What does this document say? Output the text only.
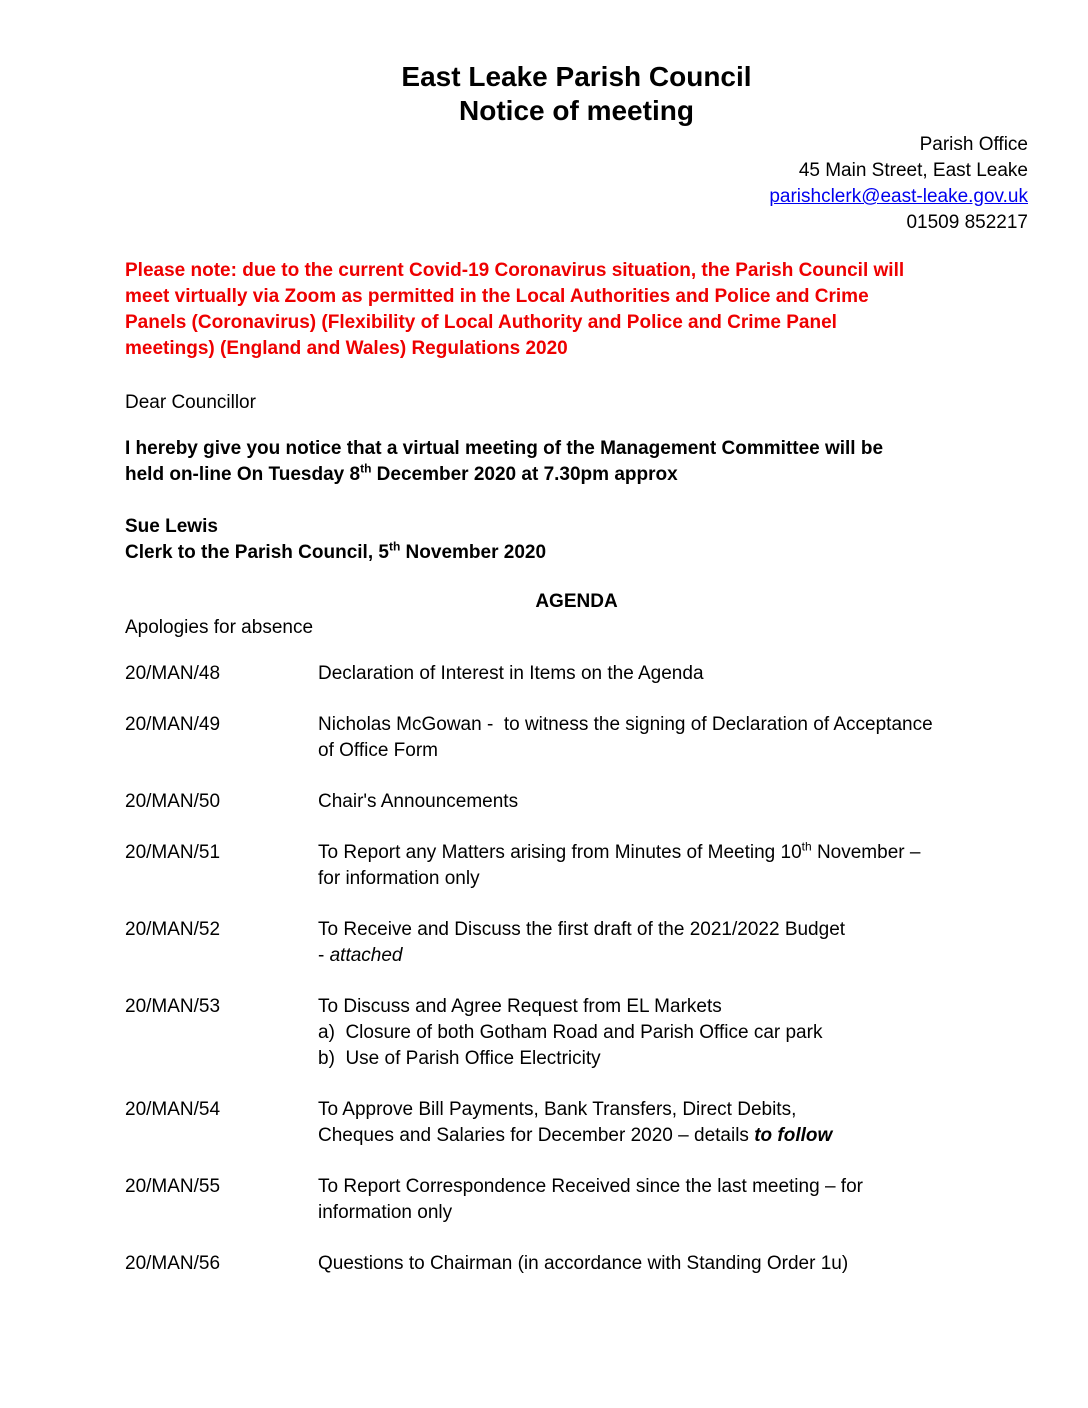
East Leake Parish Council
Notice of meeting
Parish Office
45 Main Street, East Leake
parishclerk@east-leake.gov.uk
01509 852217
Please note: due to the current Covid-19 Coronavirus situation, the Parish Council will
meet virtually via Zoom as permitted in the Local Authorities and Police and Crime
Panels (Coronavirus) (Flexibility of Local Authority and Police and Crime Panel
meetings) (England and Wales) Regulations 2020
Dear Councillor
I hereby give you notice that a virtual meeting of the Management Committee will be
held on-line On Tuesday 8th December 2020 at 7.30pm approx
Sue Lewis
Clerk to the Parish Council, 5th November 2020
AGENDA
Apologies for absence
20/MAN/48	Declaration of Interest in Items on the Agenda
20/MAN/49	Nicholas McGowan -  to witness the signing of Declaration of Acceptance
of Office Form
20/MAN/50	Chair's Announcements
20/MAN/51	To Report any Matters arising from Minutes of Meeting 10th November –
for information only
20/MAN/52	To Receive and Discuss the first draft of the 2021/2022 Budget
- attached
20/MAN/53	To Discuss and Agree Request from EL Markets
a)  Closure of both Gotham Road and Parish Office car park
b)  Use of Parish Office Electricity
20/MAN/54	To Approve Bill Payments, Bank Transfers, Direct Debits,
Cheques and Salaries for December 2020 – details to follow
20/MAN/55	To Report Correspondence Received since the last meeting – for
information only
20/MAN/56	Questions to Chairman (in accordance with Standing Order 1u)
